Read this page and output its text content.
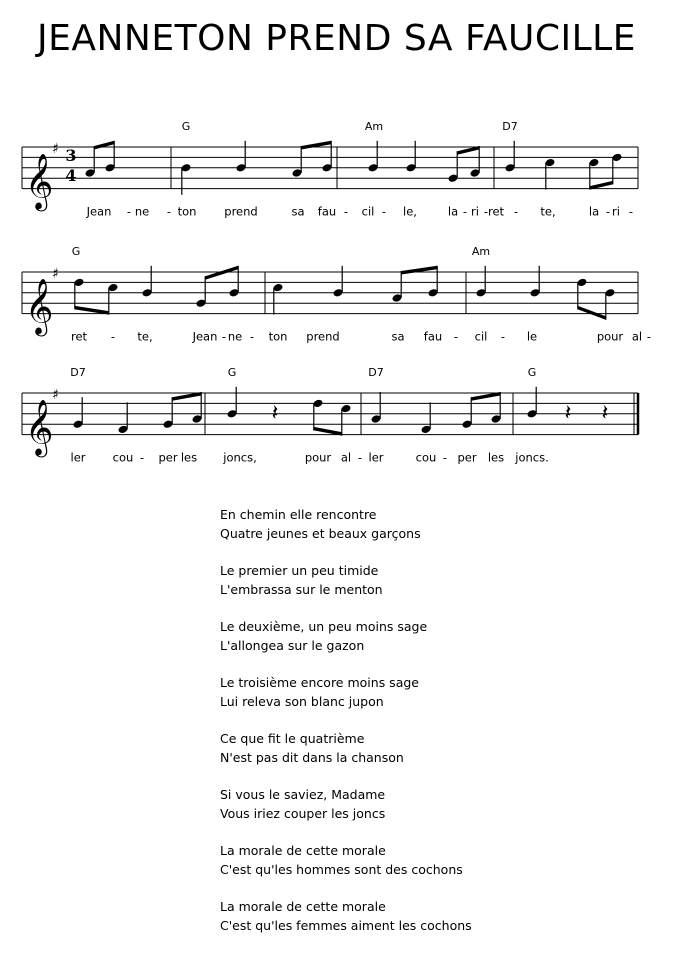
JEANNETON PREND SA FAUCILLE
𝄞
♯ 3
4
G	Am	D7
Jean - ne - ton prend	sa fau - cil - le,	la - ri - ret - te,	la - ri -
𝄞
♯
G	Am
ret - te,	Jean - ne - ton prend	sa fau - cil - le	pour al -
𝄞
♯
𝄽	𝄽 𝄽
D7	G	D7	G
ler cou - per les joncs,	pour al - ler	cou - per les joncs.
En chemin elle rencontre
Quatre jeunes et beaux garçons
Le premier un peu timide
L'embrassa sur le menton
Le deuxième, un peu moins sage
L'allongea sur le gazon
Le troisième encore moins sage
Lui releva son blanc jupon
Ce que fit le quatrième
N'est pas dit dans la chanson
Si vous le saviez, Madame
Vous iriez couper les joncs
La morale de cette morale
C'est qu'les hommes sont des cochons
La morale de cette morale
C'est qu'les femmes aiment les cochons
